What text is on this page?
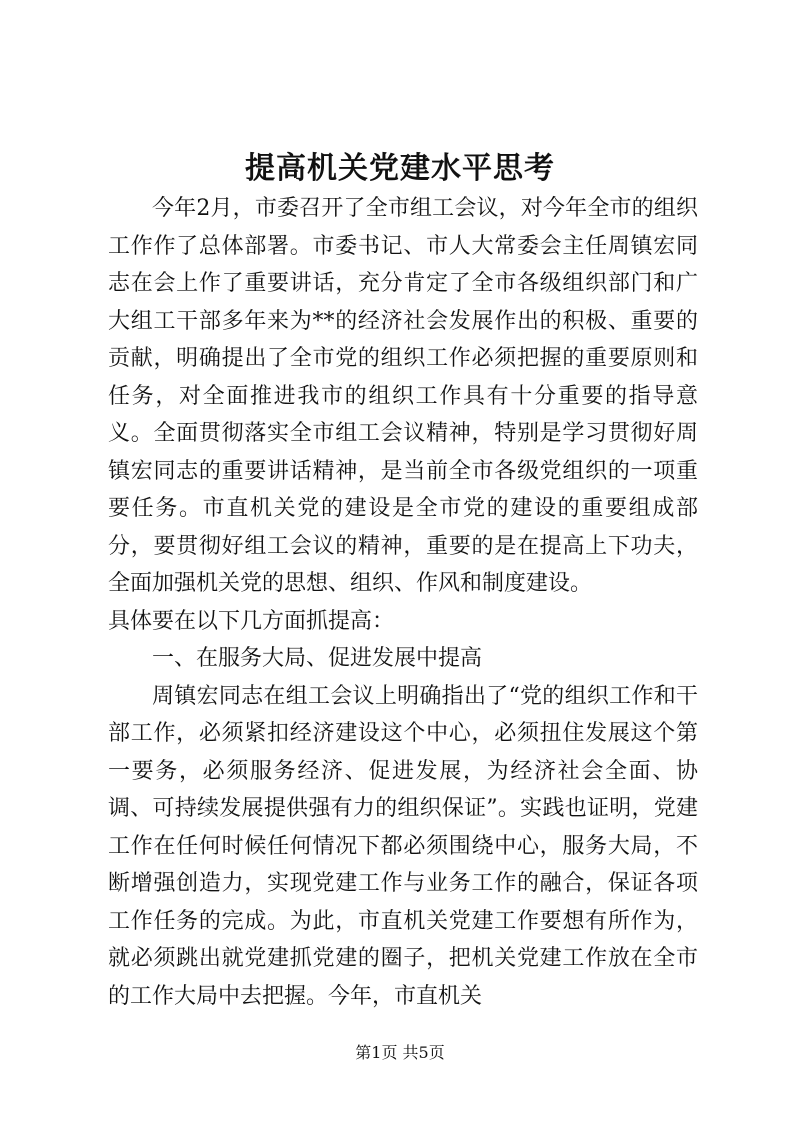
提高机关党建水平思考

今年2月，市委召开了全市组工会议，对今年全市的组织工作作了总体部署。市委书记、市人大常委会主任周镇宏同志在会上作了重要讲话，充分肯定了全市各级组织部门和广大组工干部多年来为**的经济社会发展作出的积极、重要的贡献，明确提出了全市党的组织工作必须把握的重要原则和任务，对全面推进我市的组织工作具有十分重要的指导意义。全面贯彻落实全市组工会议精神，特别是学习贯彻好周镇宏同志的重要讲话精神，是当前全市各级党组织的一项重要任务。市直机关党的建设是全市党的建设的重要组成部分，要贯彻好组工会议的精神，重要的是在提高上下功夫，全面加强机关党的思想、组织、作风和制度建设。

具体要在以下几方面抓提高：

一、在服务大局、促进发展中提高

周镇宏同志在组工会议上明确指出了“党的组织工作和干部工作，必须紧扣经济建设这个中心，必须扭住发展这个第一要务，必须服务经济、促进发展，为经济社会全面、协调、可持续发展提供强有力的组织保证”。实践也证明，党建工作在任何时候任何情况下都必须围绕中心，服务大局，不断增强创造力，实现党建工作与业务工作的融合，保证各项工作任务的完成。为此，市直机关党建工作要想有所作为，就必须跳出就党建抓党建的圈子，把机关党建工作放在全市的工作大局中去把握。今年，市直机关

第1页 共5页
